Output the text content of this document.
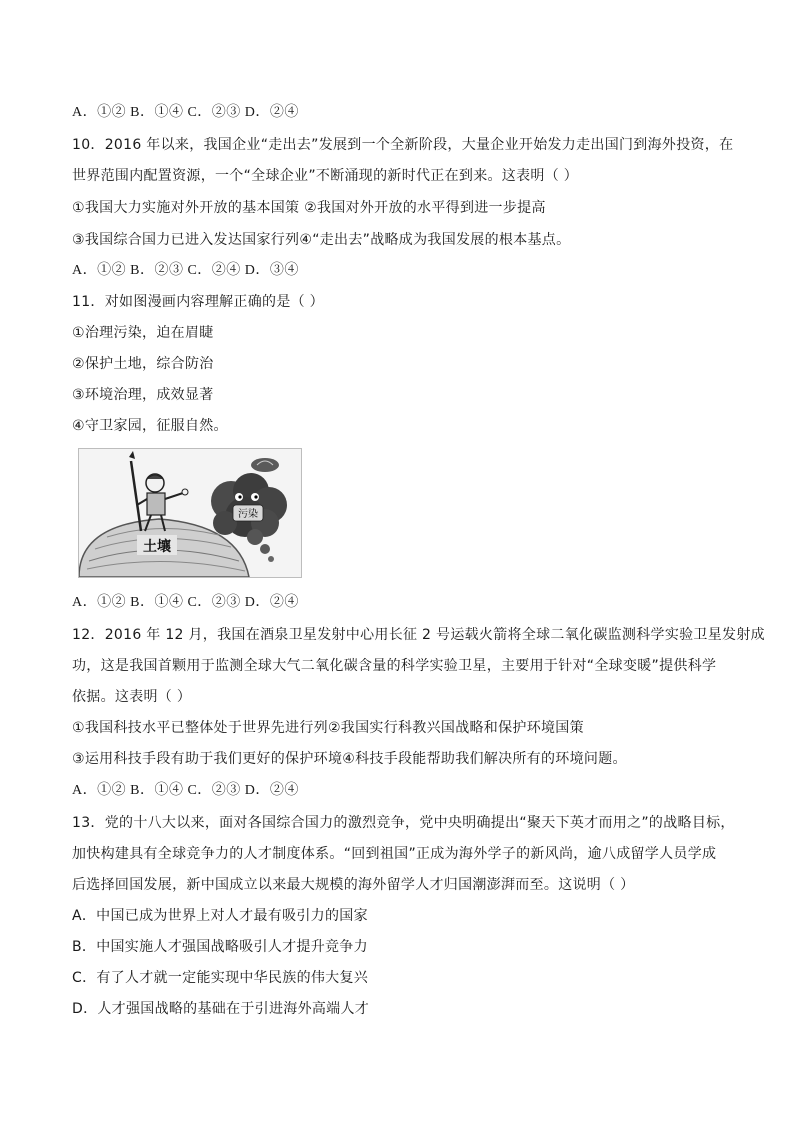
A．①② B．①④ C．②③ D．②④
10．2016 年以来，我国企业“走出去”发展到一个全新阶段，大量企业开始发力走出国门到海外投资，在
世界范围内配置资源，一个“全球企业”不断涌现的新时代正在到来。这表明（ ）
①我国大力实施对外开放的基本国策 ②我国对外开放的水平得到进一步提高
③我国综合国力已进入发达国家行列④“走出去”战略成为我国发展的根本基点。
A．①② B．②③ C．②④ D．③④
11．对如图漫画内容理解正确的是（ ）
①治理污染，迫在眉睫
②保护土地，综合防治
③环境治理，成效显著
④守卫家园，征服自然。
土壤
污染
A．①② B．①④ C．②③ D．②④
12．2016 年 12 月，我国在酒泉卫星发射中心用长征 2 号运载火箭将全球二氧化碳监测科学实验卫星发射成
功，这是我国首颗用于监测全球大气二氧化碳含量的科学实验卫星，主要用于针对“全球变暖”提供科学
依据。这表明（ ）
①我国科技水平已整体处于世界先进行列②我国实行科教兴国战略和保护环境国策
③运用科技手段有助于我们更好的保护环境④科技手段能帮助我们解决所有的环境问题。
A．①② B．①④ C．②③ D．②④
13．党的十八大以来，面对各国综合国力的激烈竞争，党中央明确提出“聚天下英才而用之”的战略目标，
加快构建具有全球竞争力的人才制度体系。“回到祖国”正成为海外学子的新风尚，逾八成留学人员学成
后选择回国发展，新中国成立以来最大规模的海外留学人才归国潮澎湃而至。这说明（ ）
A．中国已成为世界上对人才最有吸引力的国家
B．中国实施人才强国战略吸引人才提升竞争力
C．有了人才就一定能实现中华民族的伟大复兴
D．人才强国战略的基础在于引进海外高端人才
